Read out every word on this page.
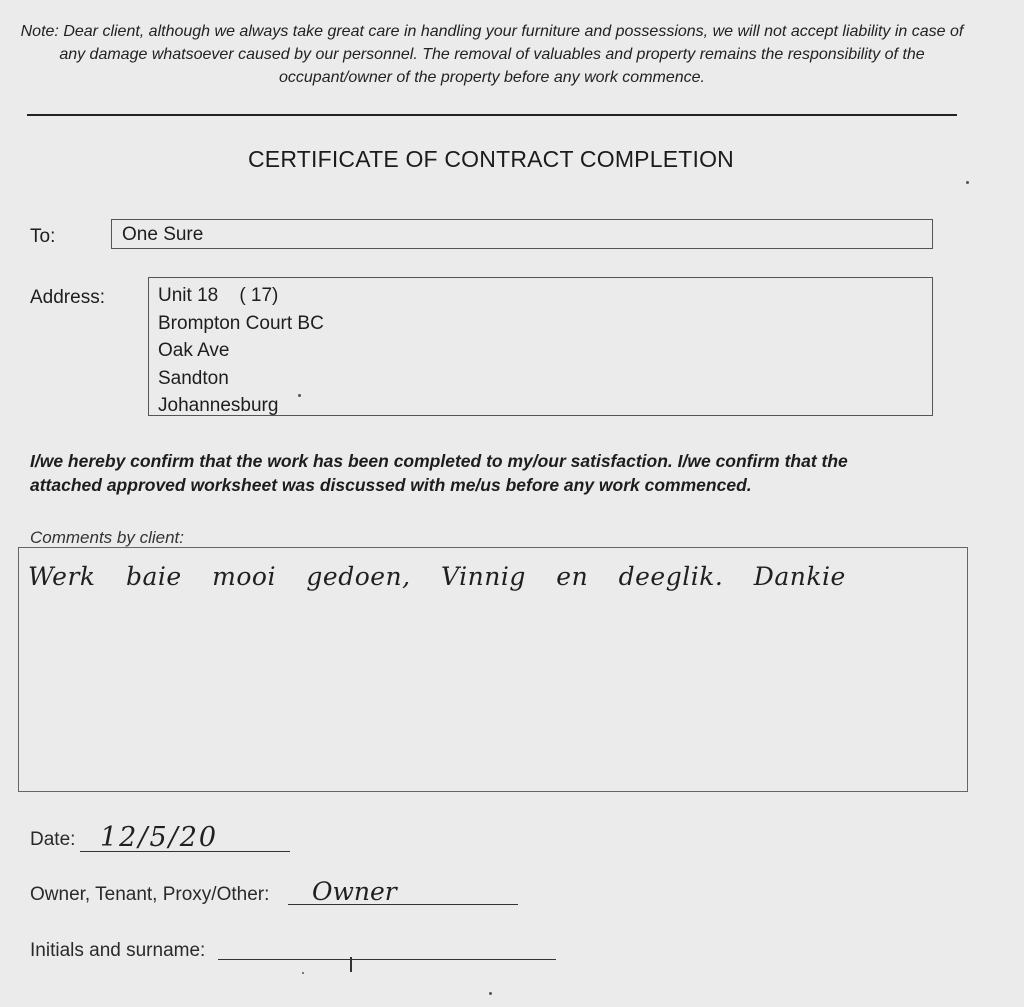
Note: Dear client, although we always take great care in handling your furniture and possessions, we will not accept liability in case of any damage whatsoever caused by our personnel. The removal of valuables and property remains the responsibility of the occupant/owner of the property before any work commence.
CERTIFICATE OF CONTRACT COMPLETION
To:	One Sure
Address:	Unit 18    ( 17)
Brompton Court BC
Oak Ave
Sandton
Johannesburg
I/we hereby confirm that the work has been completed to my/our satisfaction. I/we confirm that the attached approved worksheet was discussed with me/us before any work commenced.
Comments by client:
Werk baie mooi gedoen, Vinnig en deeglik. Dankie
Date: 12/5/20
Owner, Tenant, Proxy/Other: Owner
Initials and surname:
